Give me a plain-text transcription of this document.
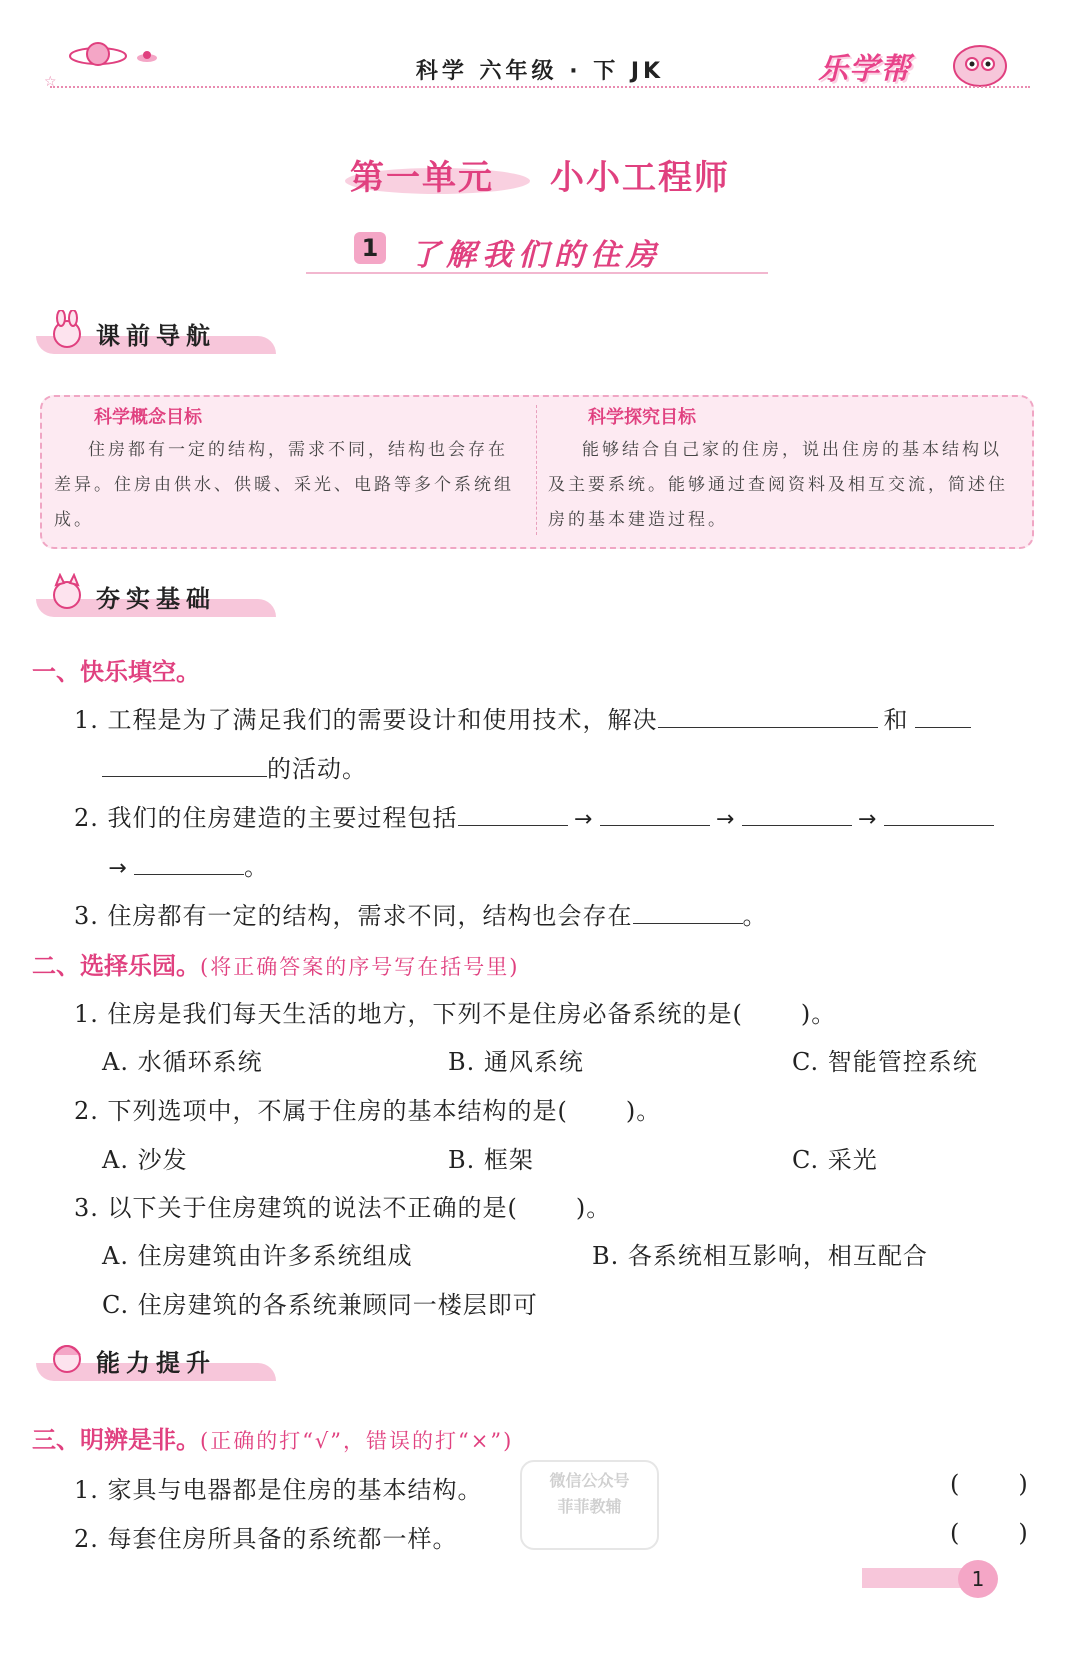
☆	科学 六年级 · 下 JK	乐学帮
第一单元 小小工程师
1 了解我们的住房
课前导航
科学概念目标
住房都有一定的结构，需求不同，结构也会存在差异。住房由供水、供暖、采光、电路等多个系统组成。
科学探究目标
能够结合自己家的住房，说出住房的基本结构以及主要系统。能够通过查阅资料及相互交流，简述住房的基本建造过程。
夯实基础
一、快乐填空。
1. 工程是为了满足我们的需要设计和使用技术，解决	和
的活动。
2. 我们的住房建造的主要过程包括	→	→	→
→	。
3. 住房都有一定的结构，需求不同，结构也会存在	。
二、选择乐园。(将正确答案的序号写在括号里)
1. 住房是我们每天生活的地方，下列不是住房必备系统的是( )。
A. 水循环系统	B. 通风系统	C. 智能管控系统
2. 下列选项中，不属于住房的基本结构的是( )。
A. 沙发	B. 框架	C. 采光
3. 以下关于住房建筑的说法不正确的是( )。
A. 住房建筑由许多系统组成	B. 各系统相互影响，相互配合
C. 住房建筑的各系统兼顾同一楼层即可
能力提升
三、明辨是非。(正确的打“√”，错误的打“×”)
1. 家具与电器都是住房的基本结构。	( )
2. 每套住房所具备的系统都一样。	( )
微信公众号
菲菲教辅
1
